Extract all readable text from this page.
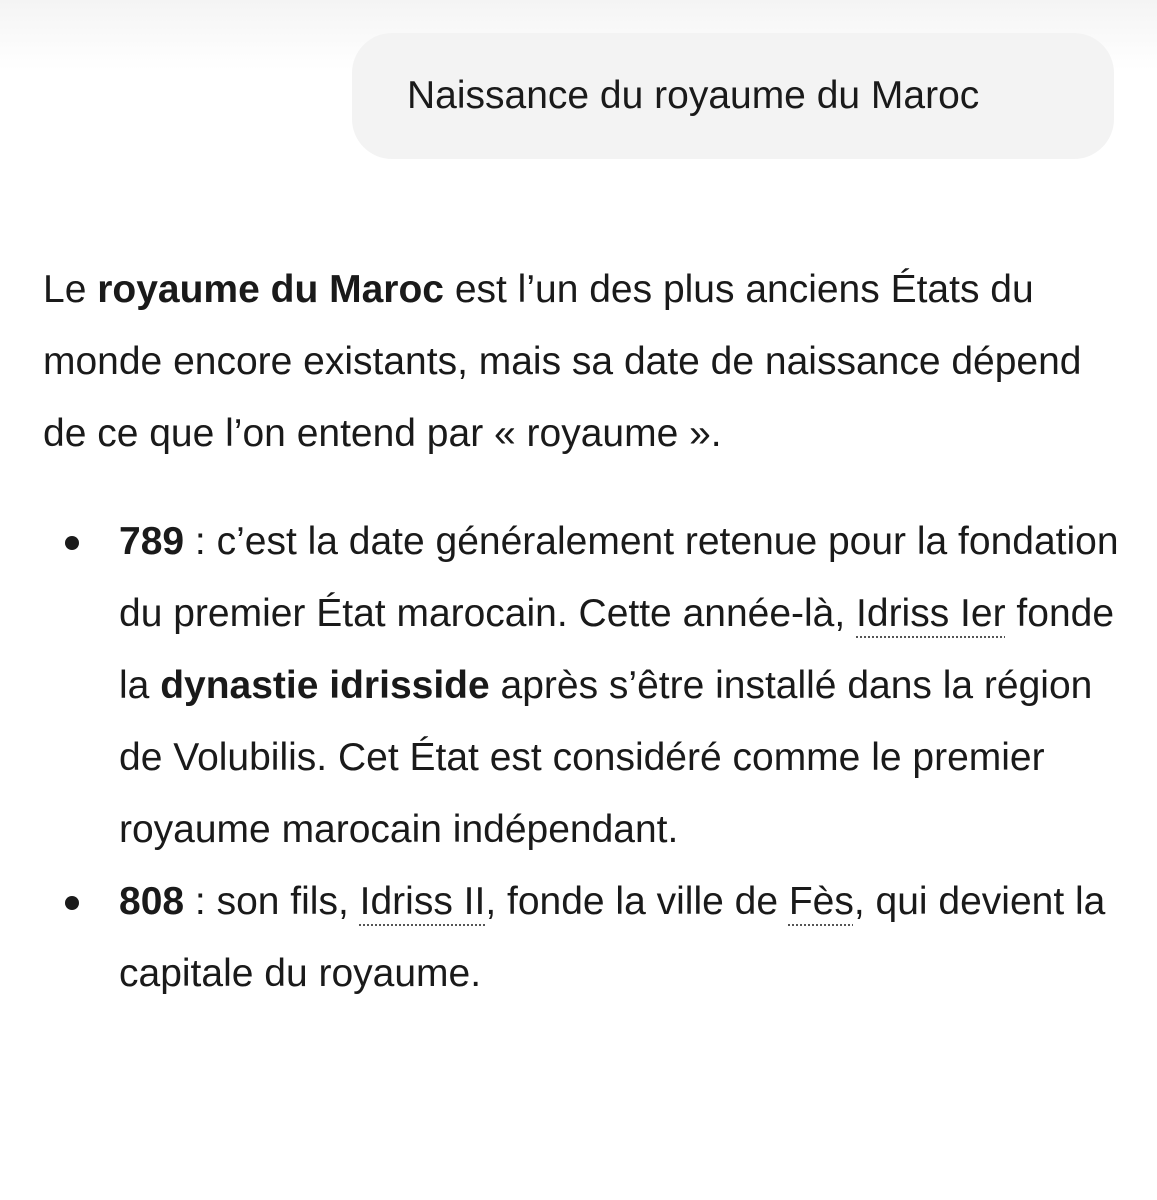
Naissance du royaume du Maroc

Le royaume du Maroc est l’un des plus anciens États du monde encore existants, mais sa date de naissance dépend de ce que l’on entend par « royaume ».

789 : c’est la date généralement retenue pour la fondation du premier État marocain. Cette année-là, Idriss Ier fonde la dynastie idrisside après s’être installé dans la région de Volubilis. Cet État est considéré comme le premier royaume marocain indépendant.
808 : son fils, Idriss II, fonde la ville de Fès, qui devient la capitale du royaume.
